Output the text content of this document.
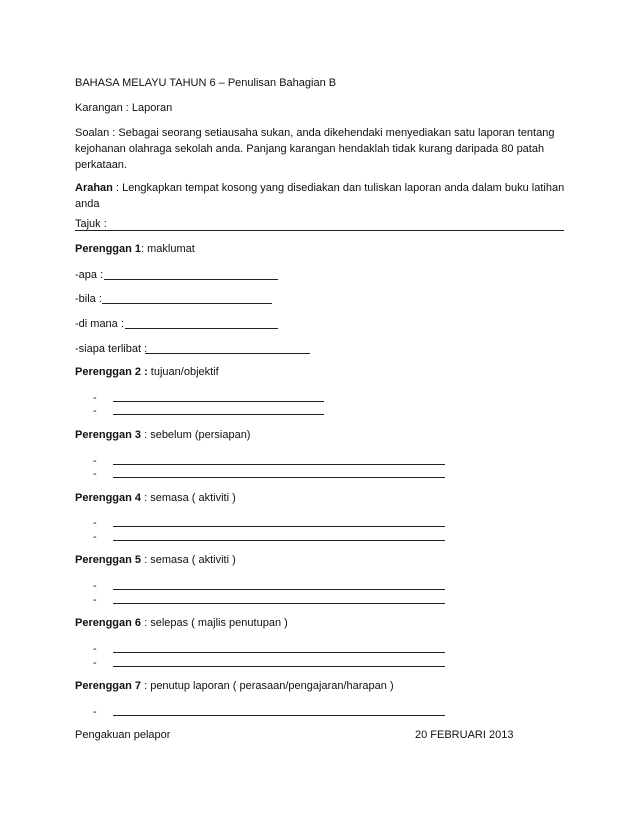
BAHASA MELAYU TAHUN 6 – Penulisan Bahagian B
Karangan : Laporan
Soalan : Sebagai seorang setiausaha sukan, anda dikehendaki menyediakan satu laporan tentang
kejohanan olahraga sekolah anda. Panjang karangan hendaklah tidak kurang daripada 80 patah
perkataan.
Arahan : Lengkapkan tempat kosong yang disediakan dan tuliskan laporan anda dalam buku latihan
anda
Tajuk :
Perenggan 1: maklumat
-apa :
-bila :
-di mana :
-siapa terlibat :
Perenggan 2 : tujuan/objektif
-
-
Perenggan 3 : sebelum (persiapan)
-
-
Perenggan 4 : semasa ( aktiviti )
-
-
Perenggan 5 : semasa ( aktiviti )
-
-
Perenggan 6 : selepas ( majlis penutupan )
-
-
Perenggan 7 : penutup laporan ( perasaan/pengajaran/harapan )
-
Pengakuan pelapor	20 FEBRUARI 2013
